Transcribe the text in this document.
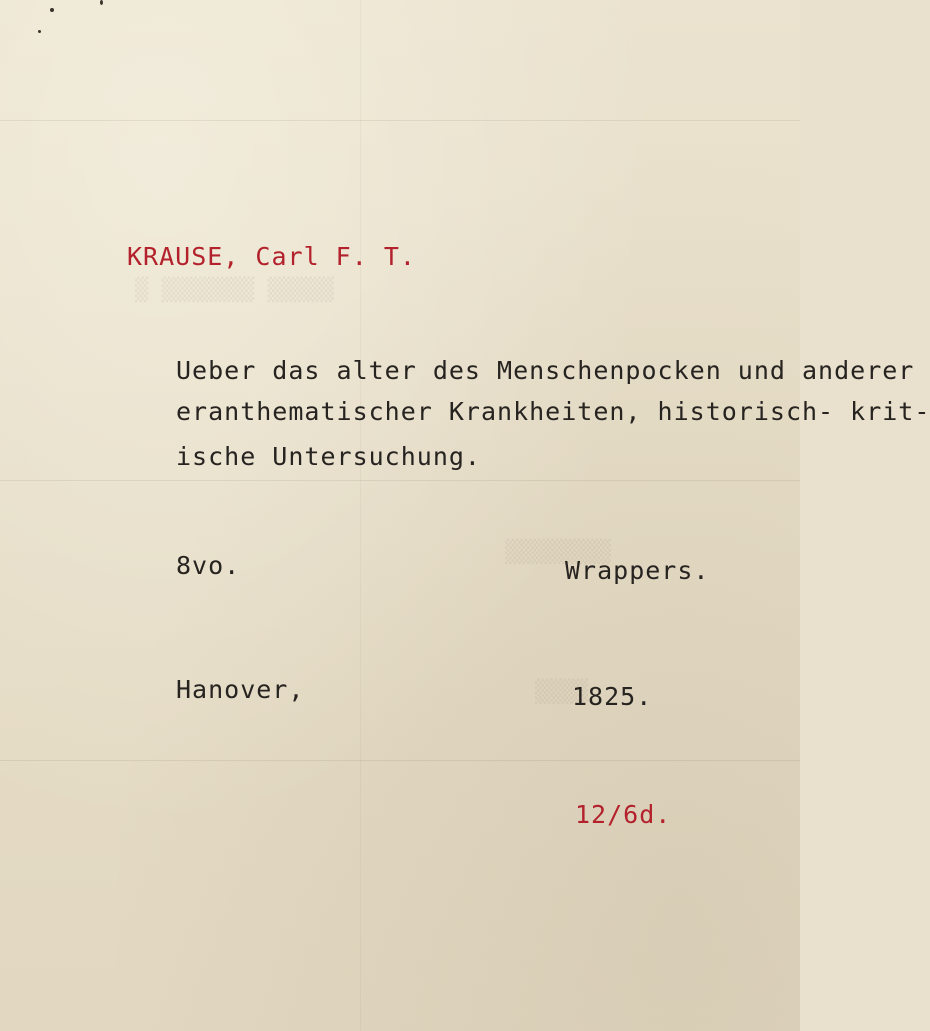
▒▒▒▒▒ ▒▒▒▒▒▒▒ ▒
▒▒▒▒▒▒▒▒
▒▒▒▒
KRAUSE, Carl F. T.

Ueber das alter des Menschenpocken und anderer

eranthematischer Krankheiten, historisch- krit-

ische Untersuchung.

8vo.	Wrappers.

Hanover,	1825.

12/6d.
